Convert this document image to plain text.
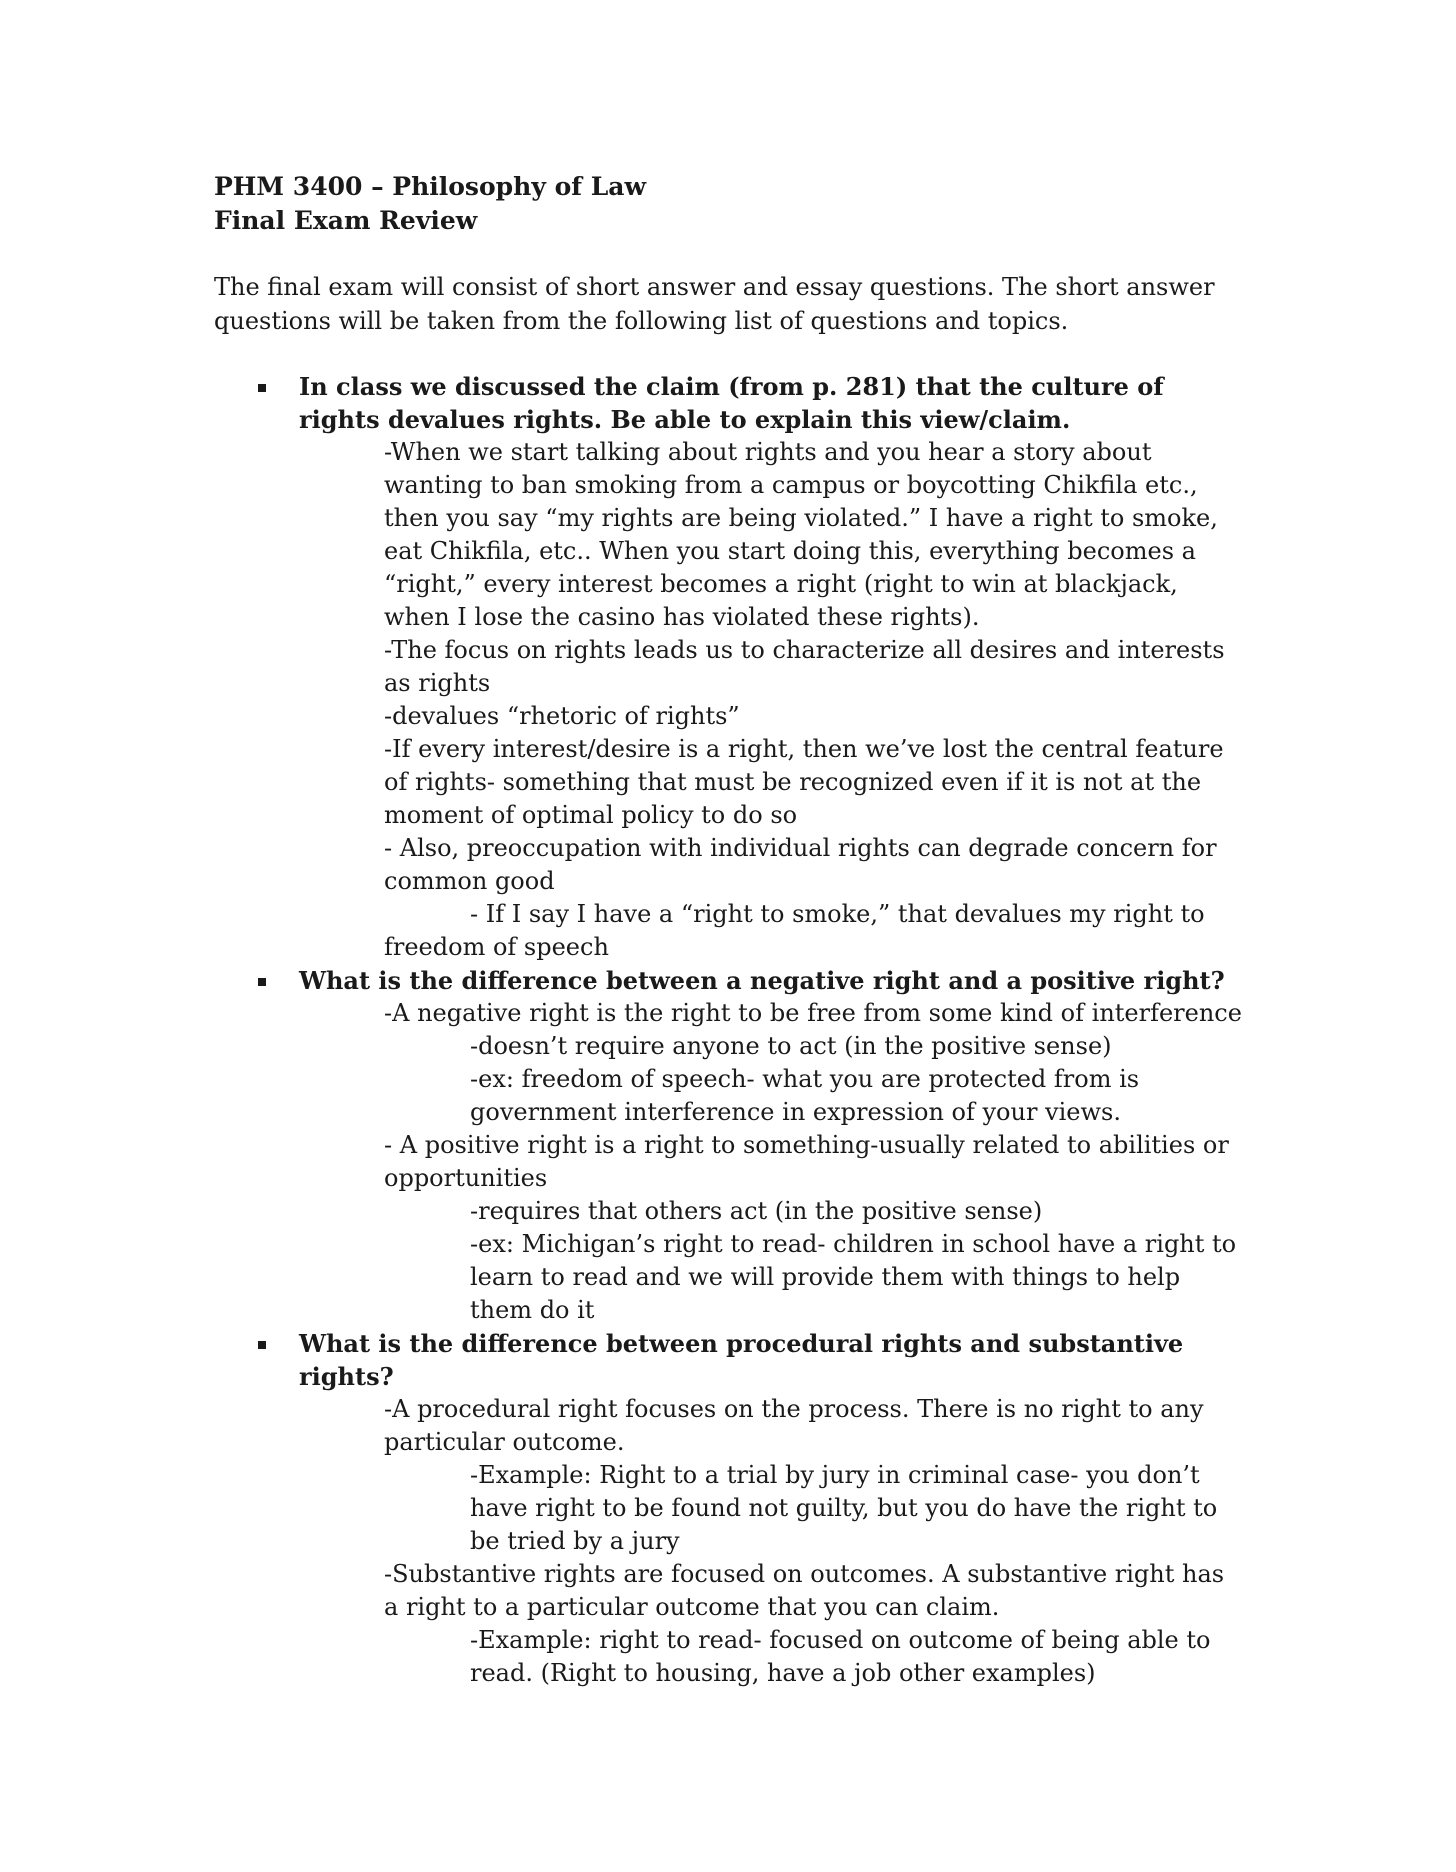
PHM 3400 – Philosophy of Law
Final Exam Review

The final exam will consist of short answer and essay questions. The short answer questions will be taken from the following list of questions and topics.

In class we discussed the claim (from p. 281) that the culture of rights devalues rights. Be able to explain this view/claim.
-When we start talking about rights and you hear a story about wanting to ban smoking from a campus or boycotting Chikfila etc., then you say “my rights are being violated.” I have a right to smoke, eat Chikfila, etc.. When you start doing this, everything becomes a “right,” every interest becomes a right (right to win at blackjack, when I lose the casino has violated these rights).
-The focus on rights leads us to characterize all desires and interests as rights
-devalues “rhetoric of rights”
-If every interest/desire is a right, then we’ve lost the central feature of rights- something that must be recognized even if it is not at the moment of optimal policy to do so
- Also, preoccupation with individual rights can degrade concern for common good
- If I say I have a “right to smoke,” that devalues my right to freedom of speech
What is the difference between a negative right and a positive right?
-A negative right is the right to be free from some kind of interference
-doesn’t require anyone to act (in the positive sense)
-ex: freedom of speech- what you are protected from is government interference in expression of your views.
- A positive right is a right to something-usually related to abilities or opportunities
-requires that others act (in the positive sense)
-ex: Michigan’s right to read- children in school have a right to learn to read and we will provide them with things to help them do it
What is the difference between procedural rights and substantive rights?
-A procedural right focuses on the process. There is no right to any particular outcome.
-Example: Right to a trial by jury in criminal case- you don’t have right to be found not guilty, but you do have the right to be tried by a jury
-Substantive rights are focused on outcomes. A substantive right has a right to a particular outcome that you can claim.
-Example: right to read- focused on outcome of being able to read. (Right to housing, have a job other examples)
